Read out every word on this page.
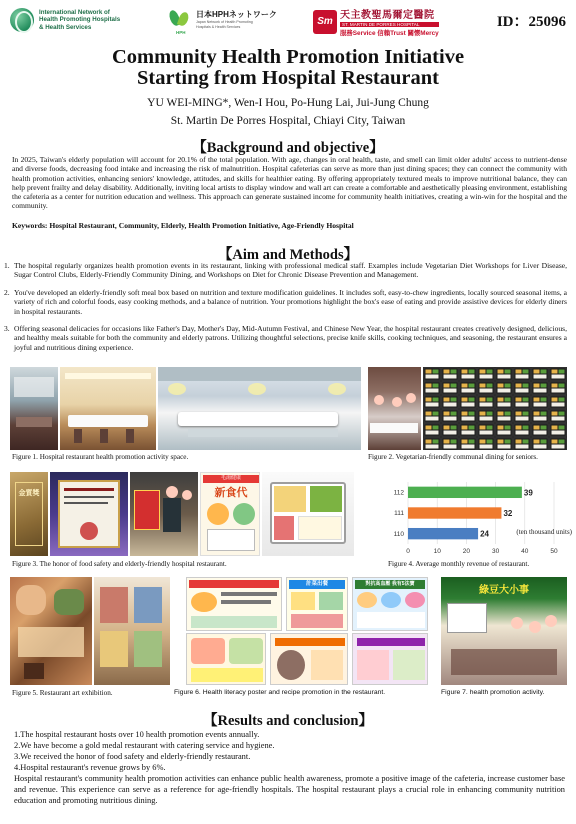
International Network of
Health Promoting Hospitals
& Health Services
日本HPHネットワーク
Japan Network of Health Promoting
Hospitals & Health Services
HPH
Sm
天主教聖馬爾定醫院
ST. MARTIN DE PORRES HOSPITAL
服務Service 信賴Trust 關懷Mercy
ID：25096
Community Health Promotion Initiative
Starting from Hospital Restaurant
YU WEI-MING*, Wen-I Hou, Po-Hung Lai, Jui-Jung Chung
St. Martin De Porres Hospital, Chiayi City, Taiwan
【Background and objective】
In 2025, Taiwan's elderly population will account for 20.1% of the total population. With age, changes in oral health, taste, and smell can limit older adults' access to nutrient-dense and diverse foods, decreasing food intake and increasing the risk of malnutrition. Hospital cafeterias can serve as more than just dining spaces; they can connect the community with health promotion activities, enhancing seniors' knowledge, attitudes, and skills for healthier eating. By offering appropriately textured meals to improve nutritional balance, they can help prevent frailty and delay disability. Additionally, inviting local artists to display window and wall art can create a comfortable and aesthetically pleasing environment, establishing the cafeteria as a center for nutrition education and wellness. This approach can generate sustained income for community health initiatives, creating a win-win for the hospital and the community.
Keywords: Hospital Restaurant, Community, Elderly, Health Promotion Initiative, Age-Friendly Hospital
【Aim and Methods】
1. The hospital regularly organizes health promotion events in its restaurant, linking with professional medical staff. Examples include Vegetarian Diet Workshops for Liver Disease, Sugar Control Clubs, Elderly-Friendly Community Dining, and Workshops on Diet for Chronic Disease Prevention and Management.
2. You've developed an elderly-friendly soft meal box based on nutrition and texture modification guidelines. It includes soft, easy-to-chew ingredients, locally sourced seasonal items, a variety of rich and colorful foods, easy cooking methods, and a balance of nutrition. Your promotions highlight the box's ease of eating and provide assistive devices for elderly diners in hospital restaurants.
3. Offering seasonal delicacies for occasions like Father's Day, Mother's Day, Mid-Autumn Festival, and Chinese New Year, the hospital restaurant creates creatively designed, delicious, and healthy meals suitable for both the community and elderly patrons. Utilizing thoughtful selections, precise knife skills, cooking techniques, and seasoning, the restaurant ensures a joyful and nutritious dining experience.
Figure 1. Hospital restaurant health promotion activity space.	Figure 2. Vegetarian-friendly communal dining for seniors.
金質獎
毛湯健康
新食代
0	10	20	30	40	50
112	39
111	32
110	24	(ten thousand units)
Figure 3. The honor of food safety and elderly-friendly hospital restaurant.	Figure 4. Average monthly revenue of restaurant.
計菜出餐	對抗高血壓 我有5法寶
綠豆大小事
Figure 5. Restaurant art exhibition.	Figure 6. Health literacy poster and recipe promotion in the restaurant.	Figure 7. health promotion activity.
【Results and conclusion】
1.The hospital restaurant hosts over 10 health promotion events annually.
2.We have become a gold medal restaurant with catering service and hygiene.
3.We received the honor of food safety and elderly-friendly restaurant.
4.Hospital restaurant's revenue grows by 6%.
Hospital restaurant's community health promotion activities can enhance public health awareness, promote a positive image of the cafeteria, increase customer base and revenue. This experience can serve as a reference for age-friendly hospitals. The hospital restaurant plays a crucial role in enhancing community nutrition education and promoting nutritious dining.
